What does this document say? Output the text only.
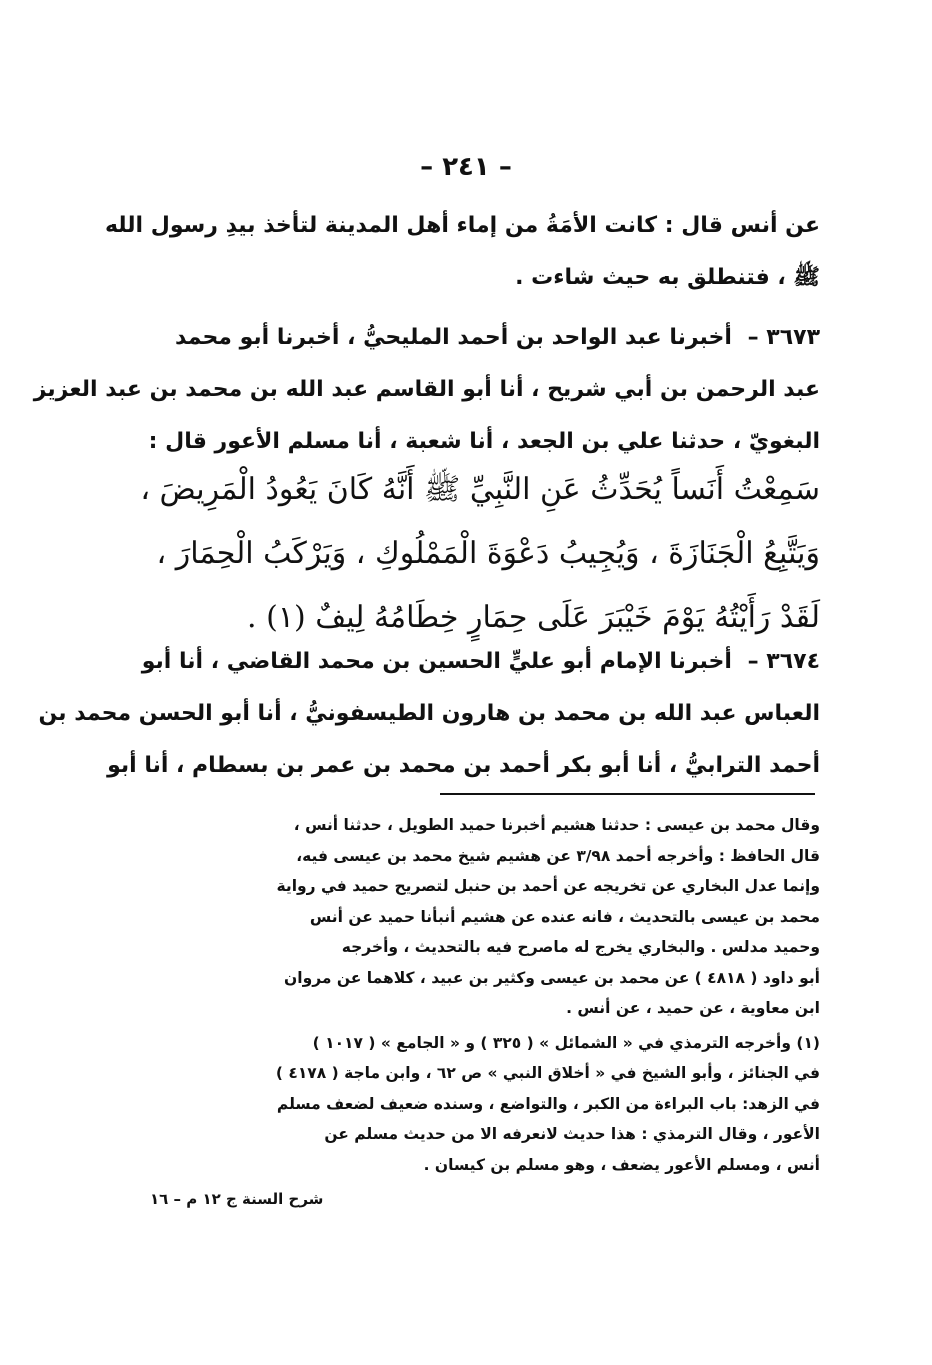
– ٢٤١ –
عن أنس قال : كانت الأمَةُ من إماء أهل المدينة لتأخذ بيدِ رسول الله
ﷺ ، فتنطلق به حيث شاءت .
٣٦٧٣ – أخبرنا عبد الواحد بن أحمد المليحيُّ ، أخبرنا أبو محمد
عبد الرحمن بن أبي شريح ، أنا أبو القاسم عبد الله بن محمد بن عبد العزيز
البغويّ ، حدثنا علي بن الجعد ، أنا شعبة ، أنا مسلم الأعور قال :
سَمِعْتُ أَنَساً يُحَدِّثُ عَنِ النَّبِيِّ ﷺ أَنَّهُ كَانَ يَعُودُ الْمَرِيضَ ،
وَيَتَّبِعُ الْجَنَازَةَ ، وَيُجِيبُ دَعْوَةَ الْمَمْلُوكِ ، وَيَرْكَبُ الْحِمَارَ ،
لَقَدْ رَأَيْتُهُ يَوْمَ خَيْبَرَ عَلَى حِمَارٍ خِطَامُهُ لِيفٌ (١) .
٣٦٧٤ – أخبرنا الإمام أبو عليٍّ الحسين بن محمد القاضي ، أنا أبو
العباس عبد الله بن محمد بن هارون الطيسفونيُّ ، أنا أبو الحسن محمد بن
أحمد الترابيُّ ، أنا أبو بكر أحمد بن محمد بن عمر بن بسطام ، أنا أبو
وقال محمد بن عيسى : حدثنا هشيم أخبرنا حميد الطويل ، حدثنا أنس ،
قال الحافظ : وأخرجه أحمد ٣/٩٨ عن هشيم شيخ محمد بن عيسى فيه،
وإنما عدل البخاري عن تخريجه عن أحمد بن حنبل لتصريح حميد في رواية
محمد بن عيسى بالتحديث ، فانه عنده عن هشيم أنبأنا حميد عن أنس
وحميد مدلس . والبخاري يخرج له ماصرح فيه بالتحديث ، وأخرجه
أبو داود ( ٤٨١٨ ) عن محمد بن عيسى وكثير بن عبيد ، كلاهما عن مروان
ابن معاوية ، عن حميد ، عن أنس .
(١) وأخرجه الترمذي في « الشمائل » ( ٣٢٥ ) و « الجامع » ( ١٠١٧ )
في الجنائز ، وأبو الشيخ في « أخلاق النبي » ص ٦٢ ، وابن ماجة ( ٤١٧٨ )
في الزهد: باب البراءة من الكبر ، والتواضع ، وسنده ضعيف لضعف مسلم
الأعور ، وقال الترمذي : هذا حديث لانعرفه الا من حديث مسلم عن
أنس ، ومسلم الأعور يضعف ، وهو مسلم بن كيسان .
شرح السنة ج ١٢ م – ١٦
